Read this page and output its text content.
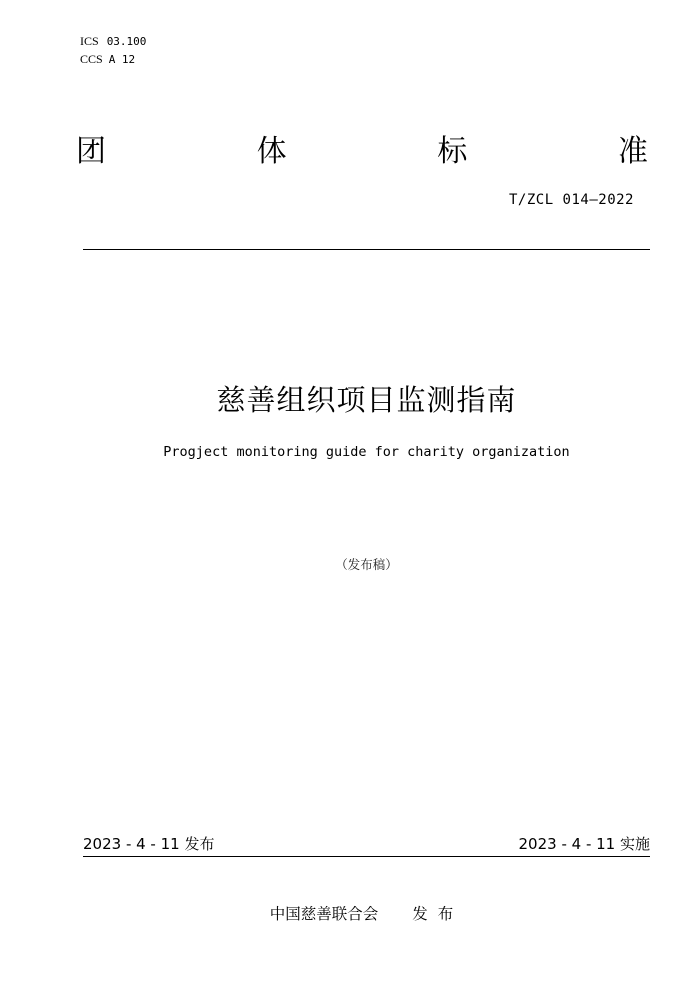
ICS 03.100
CCS A 12
团	体	标	准
T/ZCL 014—2022
慈善组织项目监测指南
Progject monitoring guide for charity organization
（发布稿）
2023 - 4 - 11 发布	2023 - 4 - 11 实施
中国慈善联合会 发布
